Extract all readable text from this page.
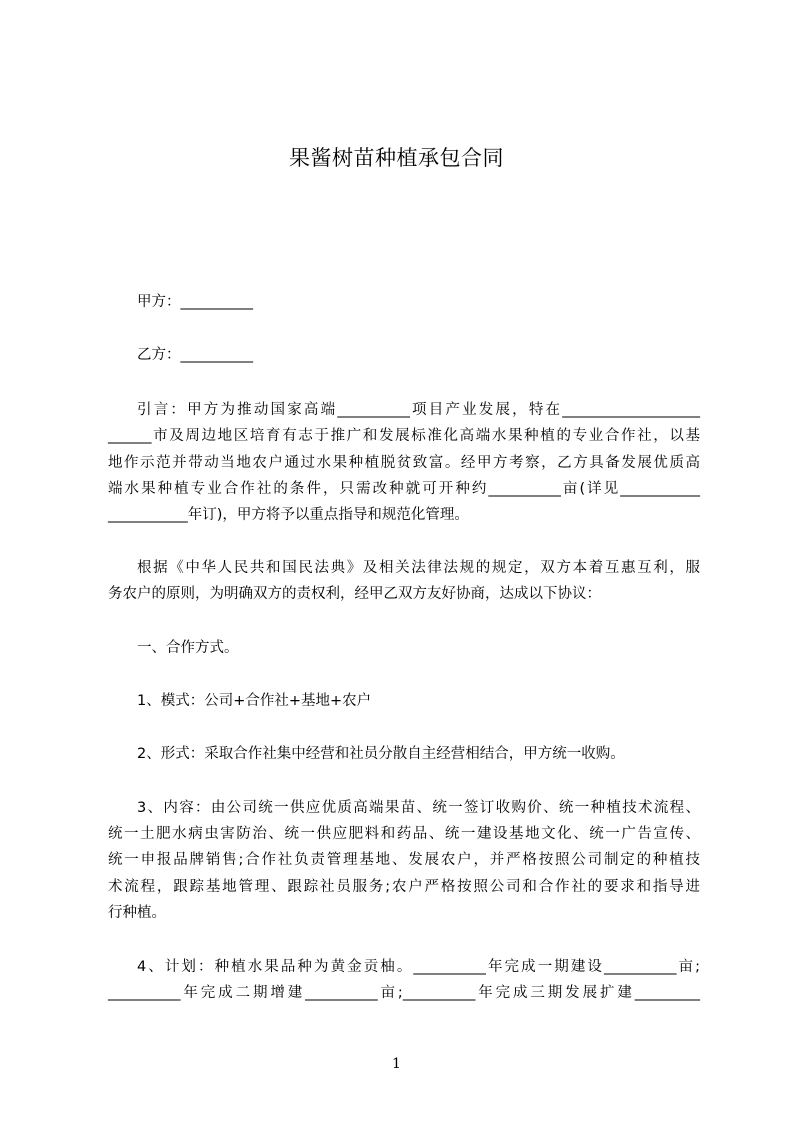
果酱树苗种植承包合同
甲方：__________
乙方：__________
引言：甲方为推动国家高端__________项目产业发展，特在___________________
______市及周边地区培育有志于推广和发展标准化高端水果种植的专业合作社，以基
地作示范并带动当地农户通过水果种植脱贫致富。经甲方考察，乙方具备发展优质高
端水果种植专业合作社的条件，只需改种就可开种约__________亩(详见___________
___________年订)，甲方将予以重点指导和规范化管理。
根据《中华人民共和国民法典》及相关法律法规的规定，双方本着互惠互利，服
务农户的原则，为明确双方的责权利，经甲乙双方友好协商，达成以下协议：
一、合作方式。
1、模式：公司+合作社+基地+农户
2、形式：采取合作社集中经营和社员分散自主经营相结合，甲方统一收购。
3、内容：由公司统一供应优质高端果苗、统一签订收购价、统一种植技术流程、
统一土肥水病虫害防治、统一供应肥料和药品、统一建设基地文化、统一广告宣传、
统一申报品牌销售;合作社负责管理基地、发展农户，并严格按照公司制定的种植技
术流程，跟踪基地管理、跟踪社员服务;农户严格按照公司和合作社的要求和指导进
行种植。
4、计划：种植水果品种为黄金贡柚。__________年完成一期建设__________亩;
__________年完成二期增建__________亩;__________年完成三期发展扩建_________
1
